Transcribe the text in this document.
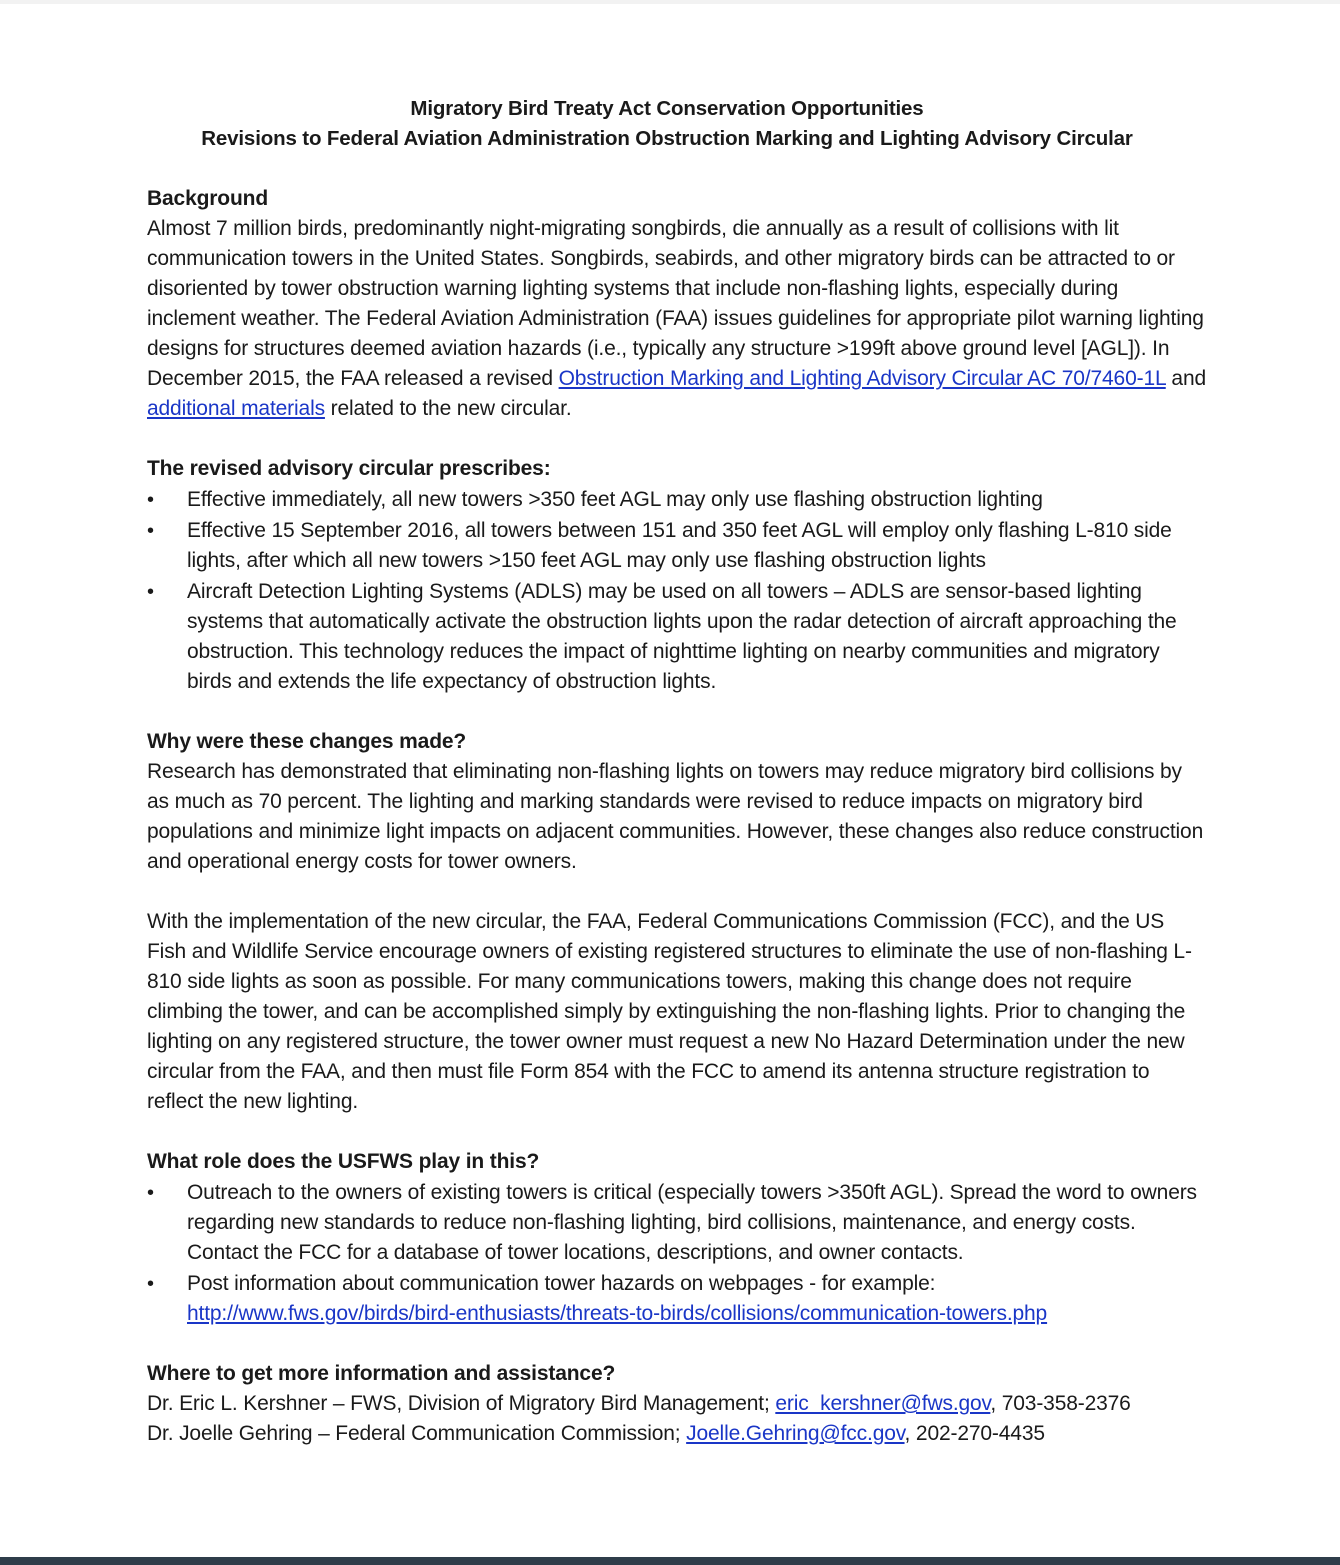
Migratory Bird Treaty Act Conservation Opportunities
Revisions to Federal Aviation Administration Obstruction Marking and Lighting Advisory Circular
Background

Almost 7 million birds, predominantly night-migrating songbirds, die annually as a result of collisions with lit communication towers in the United States. Songbirds, seabirds, and other migratory birds can be attracted to or disoriented by tower obstruction warning lighting systems that include non-flashing lights, especially during inclement weather. The Federal Aviation Administration (FAA) issues guidelines for appropriate pilot warning lighting designs for structures deemed aviation hazards (i.e., typically any structure >199ft above ground level [AGL]). In December 2015, the FAA released a revised Obstruction Marking and Lighting Advisory Circular AC 70/7460-1L and additional materials related to the new circular.

The revised advisory circular prescribes:
• Effective immediately, all new towers >350 feet AGL may only use flashing obstruction lighting
• Effective 15 September 2016, all towers between 151 and 350 feet AGL will employ only flashing L-810 side lights, after which all new towers >150 feet AGL may only use flashing obstruction lights
• Aircraft Detection Lighting Systems (ADLS) may be used on all towers – ADLS are sensor-based lighting systems that automatically activate the obstruction lights upon the radar detection of aircraft approaching the obstruction. This technology reduces the impact of nighttime lighting on nearby communities and migratory birds and extends the life expectancy of obstruction lights.
Why were these changes made?

Research has demonstrated that eliminating non-flashing lights on towers may reduce migratory bird collisions by as much as 70 percent. The lighting and marking standards were revised to reduce impacts on migratory bird populations and minimize light impacts on adjacent communities. However, these changes also reduce construction and operational energy costs for tower owners.

With the implementation of the new circular, the FAA, Federal Communications Commission (FCC), and the US Fish and Wildlife Service encourage owners of existing registered structures to eliminate the use of non-flashing L-810 side lights as soon as possible. For many communications towers, making this change does not require climbing the tower, and can be accomplished simply by extinguishing the non-flashing lights. Prior to changing the lighting on any registered structure, the tower owner must request a new No Hazard Determination under the new circular from the FAA, and then must file Form 854 with the FCC to amend its antenna structure registration to reflect the new lighting.

What role does the USFWS play in this?
• Outreach to the owners of existing towers is critical (especially towers >350ft AGL). Spread the word to owners regarding new standards to reduce non-flashing lighting, bird collisions, maintenance, and energy costs. Contact the FCC for a database of tower locations, descriptions, and owner contacts.
• Post information about communication tower hazards on webpages - for example:
http://www.fws.gov/birds/bird-enthusiasts/threats-to-birds/collisions/communication-towers.php
Where to get more information and assistance?

Dr. Eric L. Kershner – FWS, Division of Migratory Bird Management; eric_kershner@fws.gov, 703-358-2376

Dr. Joelle Gehring – Federal Communication Commission; Joelle.Gehring@fcc.gov, 202-270-4435
